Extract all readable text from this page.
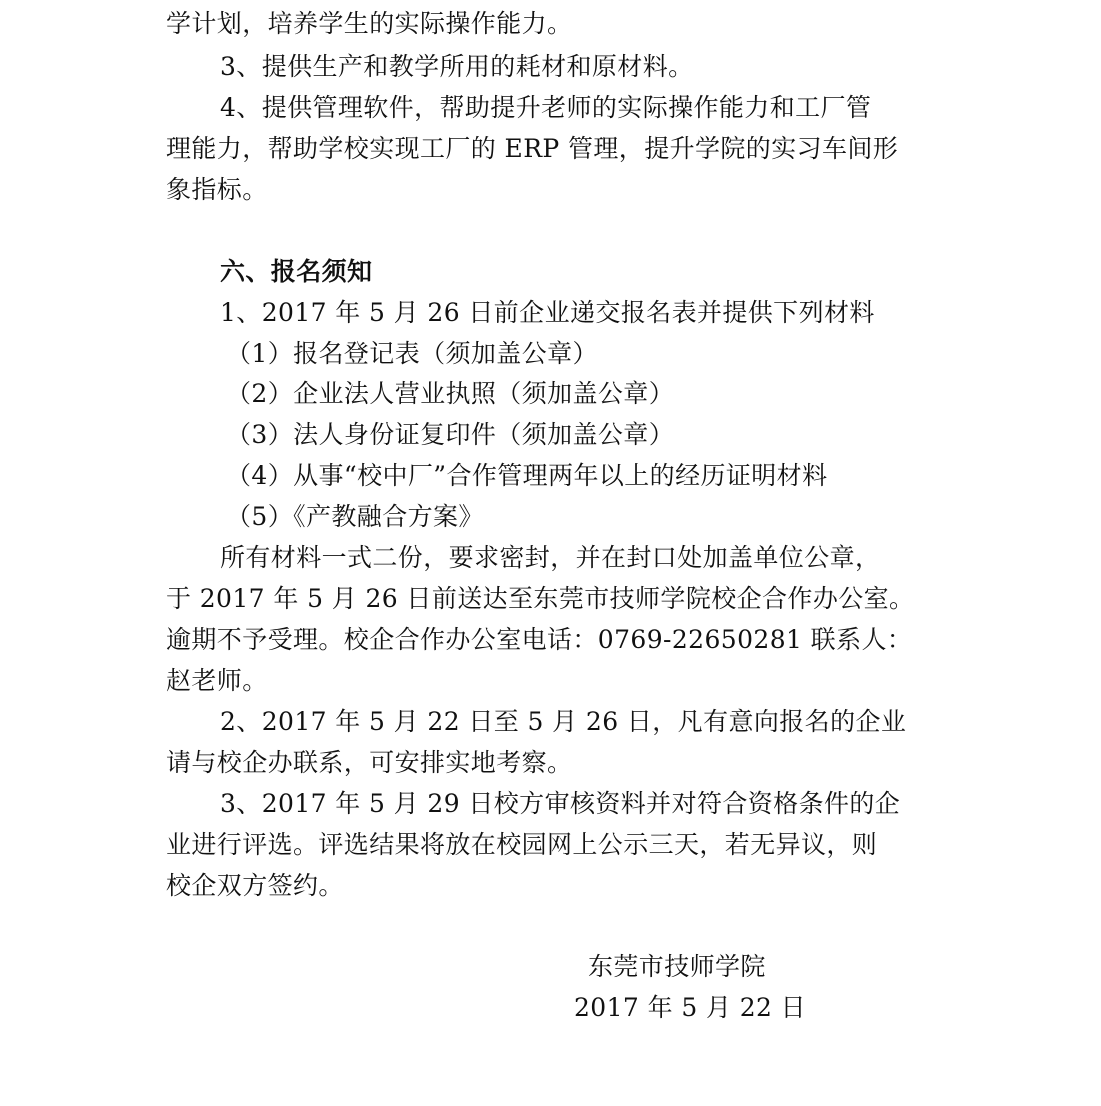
学计划，培养学生的实际操作能力。
3、提供生产和教学所用的耗材和原材料。
4、提供管理软件，帮助提升老师的实际操作能力和工厂管
理能力，帮助学校实现工厂的 ERP 管理，提升学院的实习车间形
象指标。
六、报名须知
1、2017 年 5 月 26 日前企业递交报名表并提供下列材料
（1）报名登记表（须加盖公章）
（2）企业法人营业执照（须加盖公章）
（3）法人身份证复印件（须加盖公章）
（4）从事“校中厂”合作管理两年以上的经历证明材料
（5）《产教融合方案》
所有材料一式二份，要求密封，并在封口处加盖单位公章，
于 2017 年 5 月 26 日前送达至东莞市技师学院校企合作办公室。
逾期不予受理。校企合作办公室电话：0769-22650281 联系人：
赵老师。
2、2017 年 5 月 22 日至 5 月 26 日，凡有意向报名的企业
请与校企办联系，可安排实地考察。
3、2017 年 5 月 29 日校方审核资料并对符合资格条件的企
业进行评选。评选结果将放在校园网上公示三天，若无异议，则
校企双方签约。
东莞市技师学院
2017 年 5 月 22 日
